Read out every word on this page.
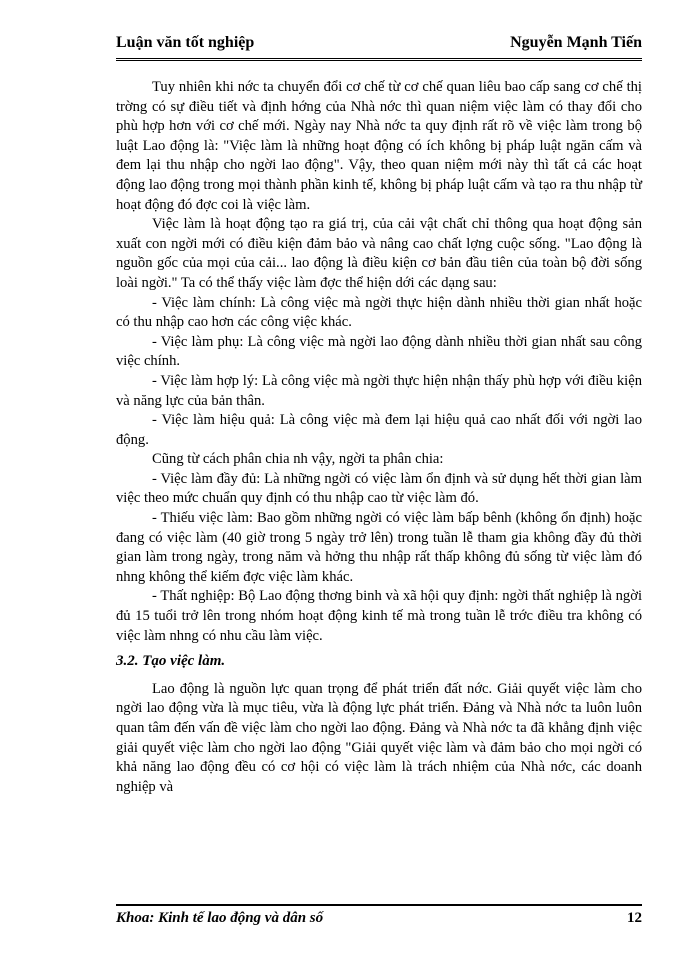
Luận văn tốt nghiệp	Nguyễn Mạnh Tiến

Tuy nhiên khi nớc ta chuyển đổi cơ chế từ cơ chế quan liêu bao cấp sang cơ chế thị trờng có sự điều tiết và định hớng của Nhà nớc thì quan niệm việc làm có thay đổi cho phù hợp hơn với cơ chế mới. Ngày nay Nhà nớc ta quy định rất rõ về việc làm trong bộ luật Lao động là: "Việc làm là những hoạt động có ích không bị pháp luật ngăn cấm và đem lại thu nhập cho ngời lao động". Vậy, theo quan niệm mới này thì tất cả các hoạt động lao động trong mọi thành phần kinh tế, không bị pháp luật cấm và tạo ra thu nhập từ hoạt động đó đợc coi là việc làm.

Việc làm là hoạt động tạo ra giá trị, của cải vật chất chỉ thông qua hoạt động sản xuất con ngời mới có điều kiện đảm bảo và nâng cao chất lợng cuộc sống. "Lao động là nguồn gốc của mọi của cải... lao động là điều kiện cơ bản đầu tiên của toàn bộ đời sống loài ngời." Ta có thể thấy việc làm đợc thể hiện dới các dạng sau:

- Việc làm chính: Là công việc mà ngời thực hiện dành nhiều thời gian nhất hoặc có thu nhập cao hơn các công việc khác.

- Việc làm phụ: Là công việc mà ngời lao động dành nhiều thời gian nhất sau công việc chính.

- Việc làm hợp lý: Là công việc mà ngời thực hiện nhận thấy phù hợp với điều kiện và năng lực của bản thân.

- Việc làm hiệu quả: Là công việc mà đem lại hiệu quả cao nhất đối với ngời lao động.

Cũng từ cách phân chia nh vậy, ngời ta phân chia:

- Việc làm đầy đủ: Là những ngời có việc làm ổn định và sử dụng hết thời gian làm việc theo mức chuẩn quy định có thu nhập cao từ việc làm đó.

- Thiếu việc làm: Bao gồm những ngời có việc làm bấp bênh (không ổn định) hoặc đang có việc làm (40 giờ trong 5 ngày trở lên) trong tuần lễ tham gia không đầy đủ thời gian làm trong ngày, trong năm và hởng thu nhập rất thấp không đủ sống từ việc làm đó nhng không thể kiếm đợc việc làm khác.

- Thất nghiệp: Bộ Lao động thơng binh và xã hội quy định: ngời thất nghiệp là ngời đủ 15 tuổi trở lên trong nhóm hoạt động kinh tế mà trong tuần lễ trớc điều tra không có việc làm nhng có nhu cầu làm việc.

3.2. Tạo việc làm.

Lao động là nguồn lực quan trọng để phát triển đất nớc. Giải quyết việc làm cho ngời lao động vừa là mục tiêu, vừa là động lực phát triển. Đảng và Nhà nớc ta luôn luôn quan tâm đến vấn đề việc làm cho ngời lao động. Đảng và Nhà nớc ta đã khẳng định việc giải quyết việc làm cho ngời lao động "Giải quyết việc làm và đảm bảo cho mọi ngời có khả năng lao động đều có cơ hội có việc làm là trách nhiệm của Nhà nớc, các doanh nghiệp và

Khoa: Kinh tế lao động và dân số	12
